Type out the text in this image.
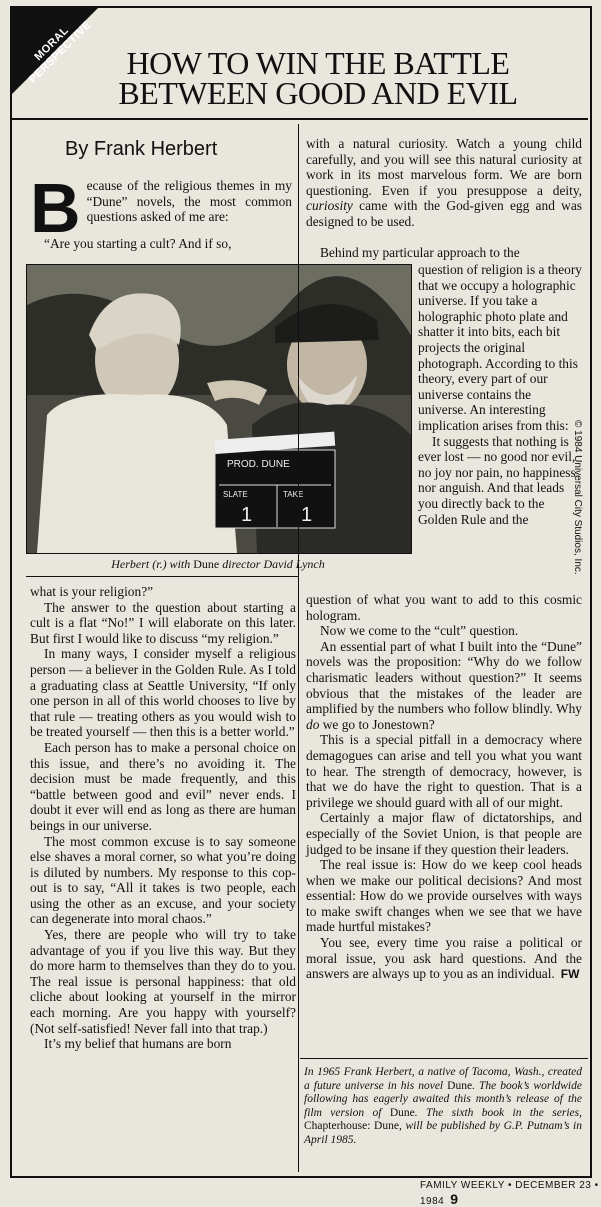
MORAL PERSPECTIVE	HOW TO WIN THE BATTLE
BETWEEN GOOD AND EVIL
By Frank Herbert

Because of the religious themes in my “Dune” novels, the most common questions asked of me are:

“Are you starting a cult? And if so,

with a natural curiosity. Watch a young child carefully, and you will see this natural curiosity at work in its most marvelous form. We are born questioning. Even if you presuppose a deity, curiosity came with the God-given egg and was designed to be used.

Behind my particular approach to the

question of religion is a theory that we occupy a holographic universe. If you take a holographic photo plate and shatter it into bits, each bit projects the original photograph. According to this theory, every part of our universe contains the universe. An interesting implication arises from this:

It suggests that nothing is ever lost — no good nor evil, no joy nor pain, no happiness nor anguish. And that leads you directly back to the Golden Rule and the

PROD. DUNE
SLATE	TAKE
1 1
Herbert (r.) with Dune director David Lynch

what is your religion?”

The answer to the question about starting a cult is a flat “No!” I will elaborate on this later. But first I would like to discuss “my religion.”

In many ways, I consider myself a religious person — a believer in the Golden Rule. As I told a graduating class at Seattle University, “If only one person in all of this world chooses to live by that rule — treating others as you would wish to be treated yourself — then this is a better world.”

Each person has to make a personal choice on this issue, and there’s no avoiding it. The decision must be made frequently, and this “battle between good and evil” never ends. I doubt it ever will end as long as there are human beings in our universe.

The most common excuse is to say someone else shaves a moral corner, so what you’re doing is diluted by numbers. My response to this cop-out is to say, “All it takes is two people, each using the other as an excuse, and your society can degenerate into moral chaos.”

Yes, there are people who will try to take advantage of you if you live this way. But they do more harm to themselves than they do to you. The real issue is personal happiness: that old cliche about looking at yourself in the mirror each morning. Are you happy with yourself? (Not self-satisfied! Never fall into that trap.)

It’s my belief that humans are born

question of what you want to add to this cosmic hologram.

Now we come to the “cult” question.

An essential part of what I built into the “Dune” novels was the proposition: “Why do we follow charismatic leaders without question?” It seems obvious that the mistakes of the leader are amplified by the numbers who follow blindly. Why do we go to Jonestown?

This is a special pitfall in a democracy where demagogues can arise and tell you what you want to hear. The strength of democracy, however, is that we do have the right to question. That is a privilege we should guard with all of our might.

Certainly a major flaw of dictatorships, and especially of the Soviet Union, is that people are judged to be insane if they question their leaders.

The real issue is: How do we keep cool heads when we make our political decisions? And most essential: How do we provide ourselves with ways to make swift changes when we see that we have made hurtful mistakes?

You see, every time you raise a political or moral issue, you ask hard questions. And the answers are always up to you as an individual. FW

In 1965 Frank Herbert, a native of Tacoma, Wash., created a future universe in his novel Dune. The book’s worldwide following has eagerly awaited this month’s release of the film version of Dune. The sixth book in the series, Chapterhouse: Dune, will be published by G.P. Putnam’s in April 1985.
© 1984 Universal City Studios, Inc.
FAMILY WEEKLY • DECEMBER 23 • 1984 9
